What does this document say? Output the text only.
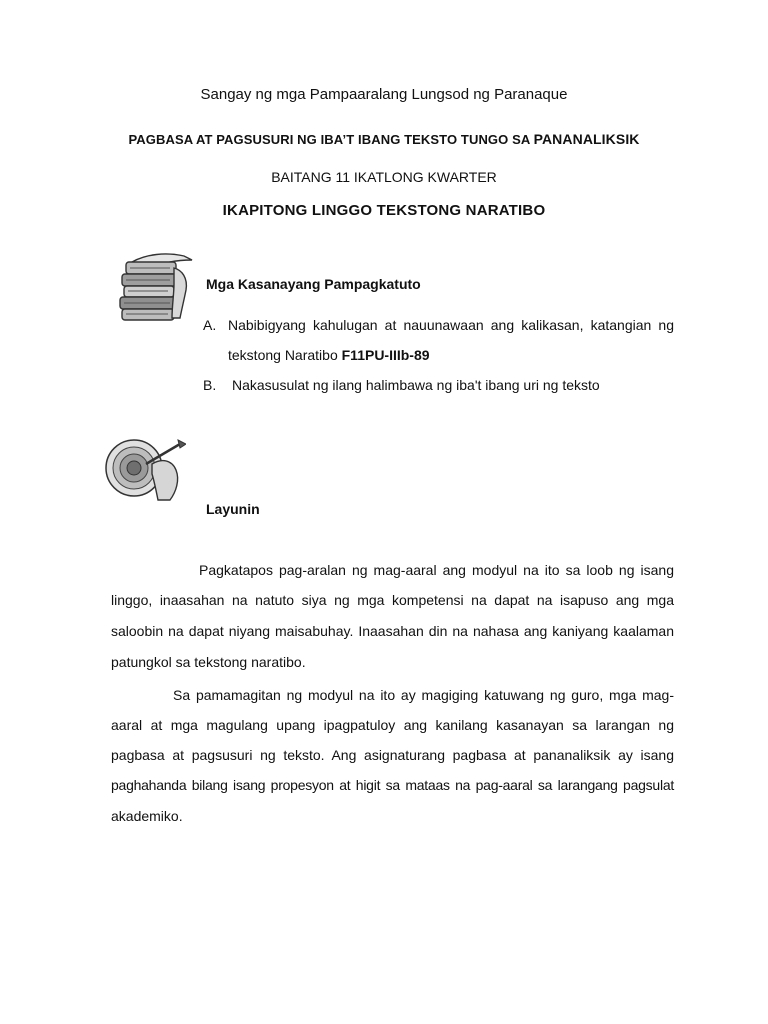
Sangay ng mga Pampaaralang Lungsod ng Paranaque
PAGBASA AT PAGSUSURI NG IBA’T IBANG TEKSTO TUNGO SA PANANALIKSIK
BAITANG 11 IKATLONG KWARTER
IKAPITONG LINGGO TEKSTONG NARATIBO
Mga Kasanayang Pampagkatuto
A. Nabibigyang kahulugan at nauunawaan ang kalikasan, katangian ng
tekstong Naratibo F11PU-IIIb-89
B. Nakasusulat ng ilang halimbawa ng iba't ibang uri ng teksto
Layunin
Pagkatapos pag-aralan ng mag-aaral ang modyul na ito sa loob ng isang
linggo, inaasahan na natuto siya ng mga kompetensi na dapat na isapuso ang mga
saloobin na dapat niyang maisabuhay. Inaasahan din na nahasa ang kaniyang kaalaman
patungkol sa tekstong naratibo.
Sa pamamagitan ng modyul na ito ay magiging katuwang ng guro, mga mag-
aaral at mga magulang upang ipagpatuloy ang kanilang kasanayan sa larangan ng
pagbasa at pagsusuri ng teksto. Ang asignaturang pagbasa at pananaliksik ay isang
paghahanda bilang isang propesyon at higit sa mataas na pag-aaral sa larangang pagsulat
akademiko.
